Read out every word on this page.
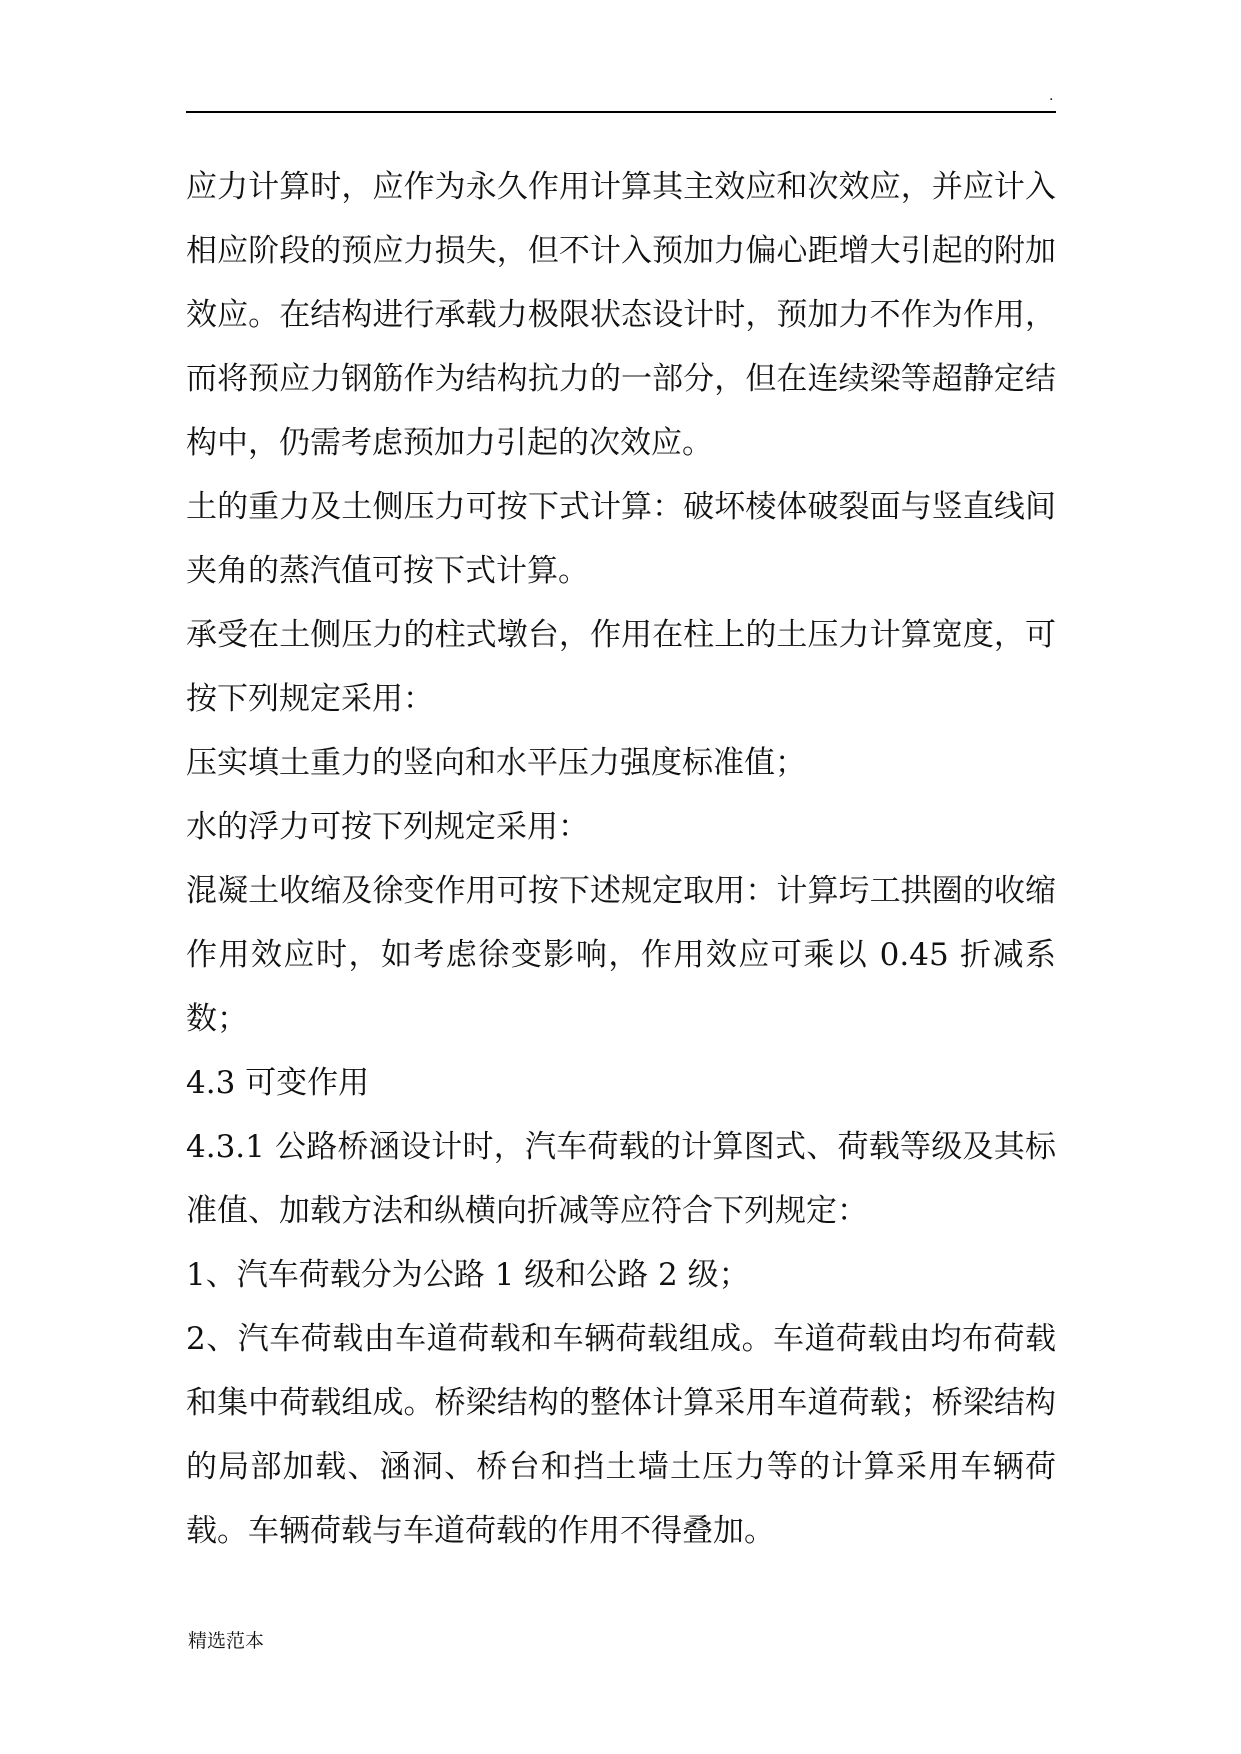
.

应力计算时，应作为永久作用计算其主效应和次效应，并应计入相应阶段的预应力损失，但不计入预加力偏心距增大引起的附加效应。在结构进行承载力极限状态设计时，预加力不作为作用，而将预应力钢筋作为结构抗力的一部分，但在连续梁等超静定结构中，仍需考虑预加力引起的次效应。

土的重力及土侧压力可按下式计算：破坏棱体破裂面与竖直线间夹角的蒸汽值可按下式计算。

承受在土侧压力的柱式墩台，作用在柱上的土压力计算宽度，可按下列规定采用：

压实填土重力的竖向和水平压力强度标准值；

水的浮力可按下列规定采用：

混凝土收缩及徐变作用可按下述规定取用：计算圬工拱圈的收缩作用效应时，如考虑徐变影响，作用效应可乘以 0.45 折减系数；

4.3 可变作用

4.3.1 公路桥涵设计时，汽车荷载的计算图式、荷载等级及其标准值、加载方法和纵横向折减等应符合下列规定：

1、汽车荷载分为公路 1 级和公路 2 级；

2、汽车荷载由车道荷载和车辆荷载组成。车道荷载由均布荷载和集中荷载组成。桥梁结构的整体计算采用车道荷载；桥梁结构的局部加载、涵洞、桥台和挡土墙土压力等的计算采用车辆荷载。车辆荷载与车道荷载的作用不得叠加。

精选范本
